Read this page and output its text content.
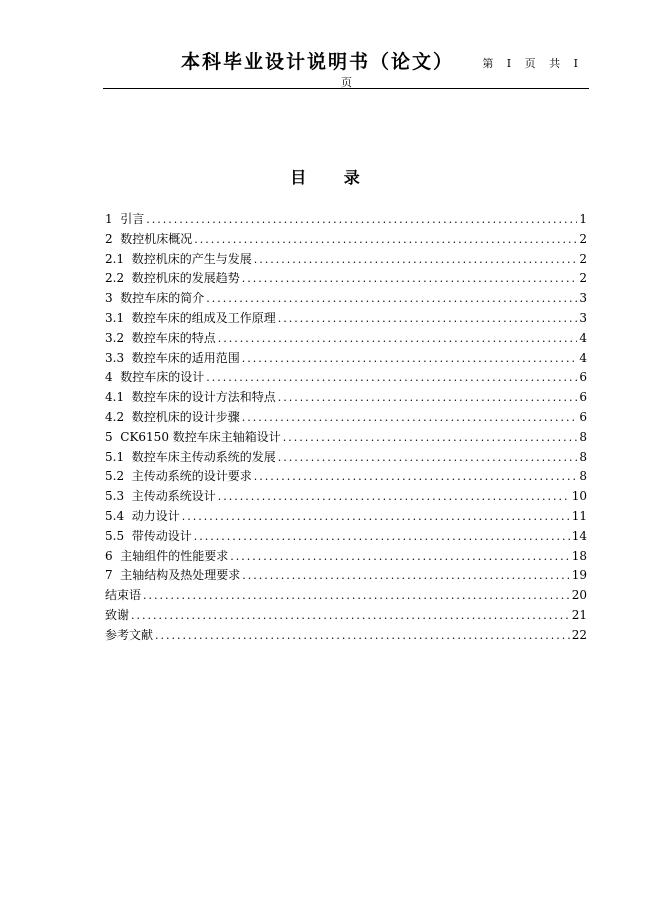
本科毕业设计说明书（论文）	第 I 页 共 I
页
目 录
1 引言 .....	1
2 数控机床概况 .....	2
2.1 数控机床的产生与发展 .....	2
2.2 数控机床的发展趋势 .....	2
3 数控车床的简介 .....	3
3.1 数控车床的组成及工作原理 .....	3
3.2 数控车床的特点 .....	4
3.3 数控车床的适用范围 .....	4
4 数控车床的设计 .....	6
4.1 数控车床的设计方法和特点 .....	6
4.2 数控机床的设计步骤 .....	6
5 CK6150 数控车床主轴箱设计 .....	8
5.1 数控车床主传动系统的发展 .....	8
5.2 主传动系统的设计要求 .....	8
5.3 主传动系统设计 .....	10
5.4 动力设计 .....	11
5.5 带传动设计 .....	14
6 主轴组件的性能要求 .....	18
7 主轴结构及热处理要求 .....	19
结束语 .....	20
致谢 .....	21
参考文献 .....	22
